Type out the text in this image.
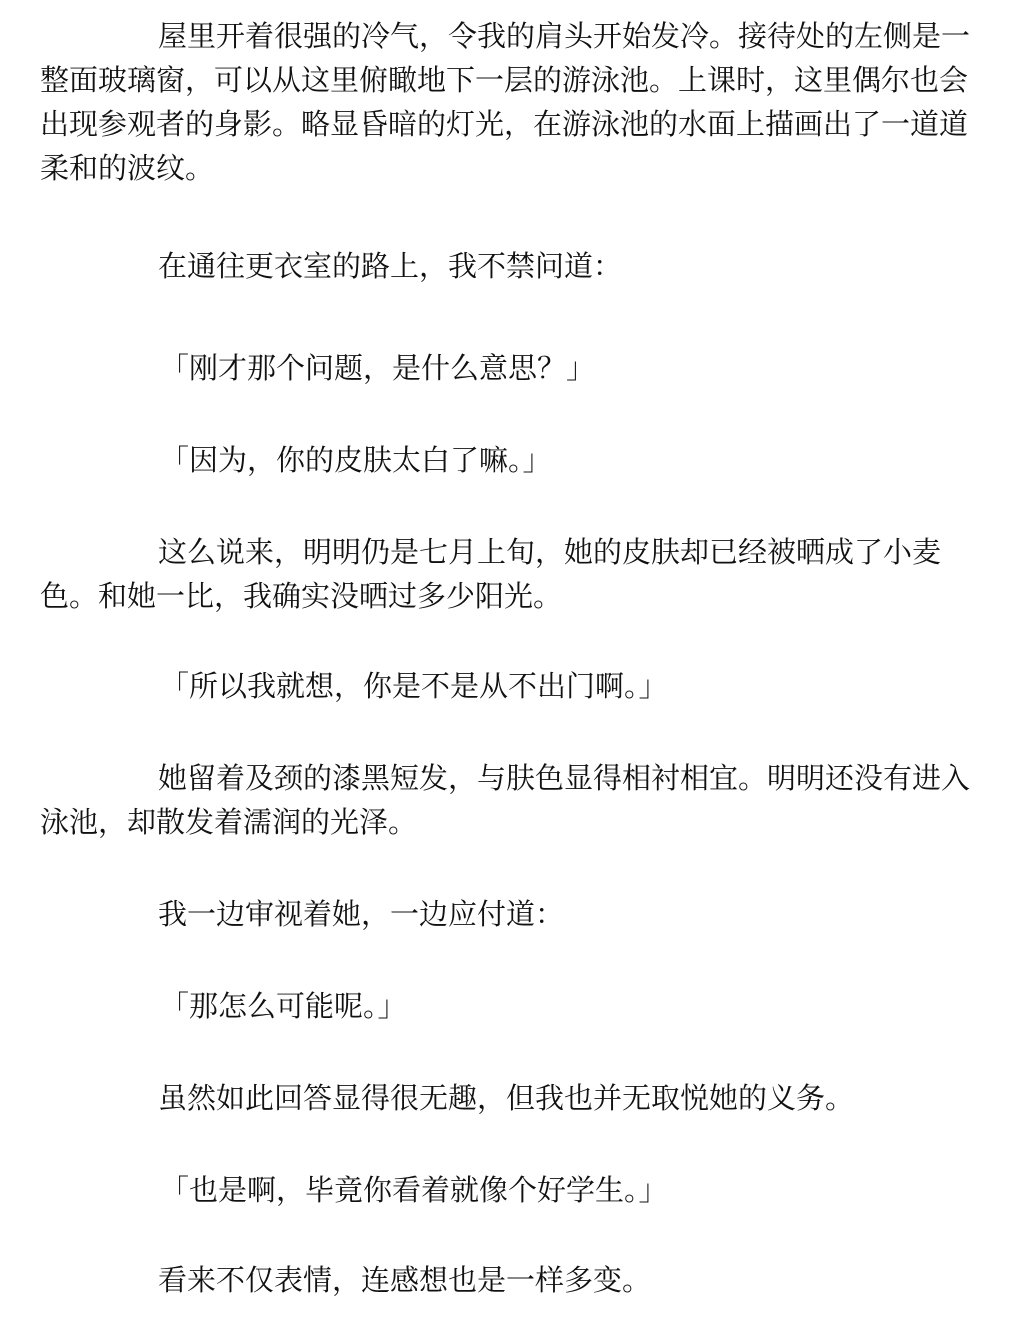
屋里开着很强的冷气，令我的肩头开始发冷。接待处的左侧是一整面玻璃窗，可以从这里俯瞰地下一层的游泳池。上课时，这里偶尔也会出现参观者的身影。略显昏暗的灯光，在游泳池的水面上描画出了一道道柔和的波纹。

在通往更衣室的路上，我不禁问道：

「刚才那个问题，是什么意思？」

「因为，你的皮肤太白了嘛。」

这么说来，明明仍是七月上旬，她的皮肤却已经被晒成了小麦色。和她一比，我确实没晒过多少阳光。

「所以我就想，你是不是从不出门啊。」

她留着及颈的漆黑短发，与肤色显得相衬相宜。明明还没有进入泳池，却散发着濡润的光泽。

我一边审视着她，一边应付道：

「那怎么可能呢。」

虽然如此回答显得很无趣，但我也并无取悦她的义务。

「也是啊，毕竟你看着就像个好学生。」

看来不仅表情，连感想也是一样多变。
